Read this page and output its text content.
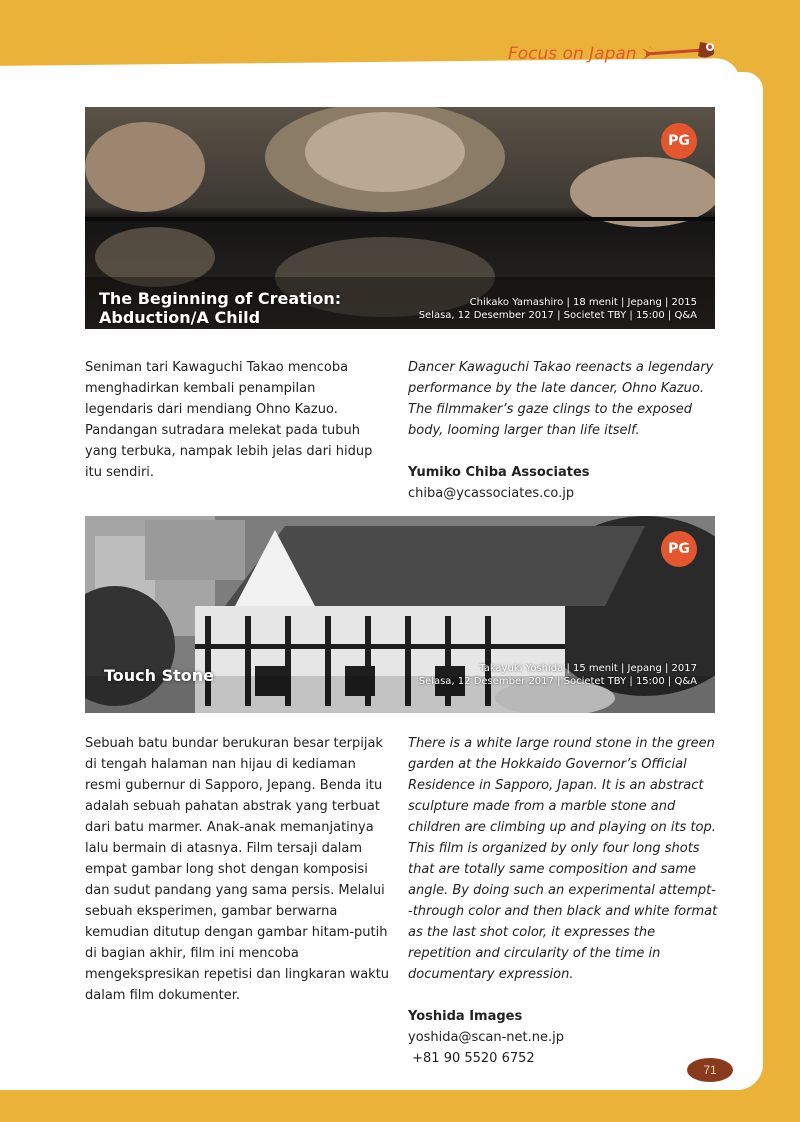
Focus on Japan
PG
The Beginning of Creation:
Abduction/A Child
Chikako Yamashiro | 18 menit | Jepang | 2015
Selasa, 12 Desember 2017 | Societet TBY | 15:00 | Q&A
Seniman tari Kawaguchi Takao mencoba menghadirkan kembali penampilan legendaris dari mendiang Ohno Kazuo. Pandangan sutradara melekat pada tubuh yang terbuka, nampak lebih jelas dari hidup itu sendiri.
Dancer Kawaguchi Takao reenacts a legendary performance by the late dancer, Ohno Kazuo. The filmmaker’s gaze clings to the exposed body, looming larger than life itself.
Yumiko Chiba Associates
chiba@ycassociates.co.jp
PG
Touch Stone	Takayuki Yoshida | 15 menit | Jepang | 2017
Selasa, 12 Desember 2017 | Societet TBY | 15:00 | Q&A
Sebuah batu bundar berukuran besar terpijak di tengah halaman nan hijau di kediaman resmi gubernur di Sapporo, Jepang. Benda itu adalah sebuah pahatan abstrak yang terbuat dari batu marmer. Anak-anak memanjatinya lalu bermain di atasnya. Film tersaji dalam empat gambar long shot dengan komposisi dan sudut pandang yang sama persis. Melalui sebuah eksperimen, gambar berwarna kemudian ditutup dengan gambar hitam-putih di bagian akhir, film ini mencoba mengekspresikan repetisi dan lingkaran waktu dalam film dokumenter.
There is a white large round stone in the green garden at the Hokkaido Governor’s Official Residence in Sapporo, Japan. It is an abstract sculpture made from a marble stone and children are climbing up and playing on its top. This film is organized by only four long shots that are totally same composition and same angle. By doing such an experimental attempt--through color and then black and white format as the last shot color, it expresses the repetition and circularity of the time in documentary expression.
Yoshida Images
yoshida@scan-net.ne.jp
+81 90 5520 6752
71
